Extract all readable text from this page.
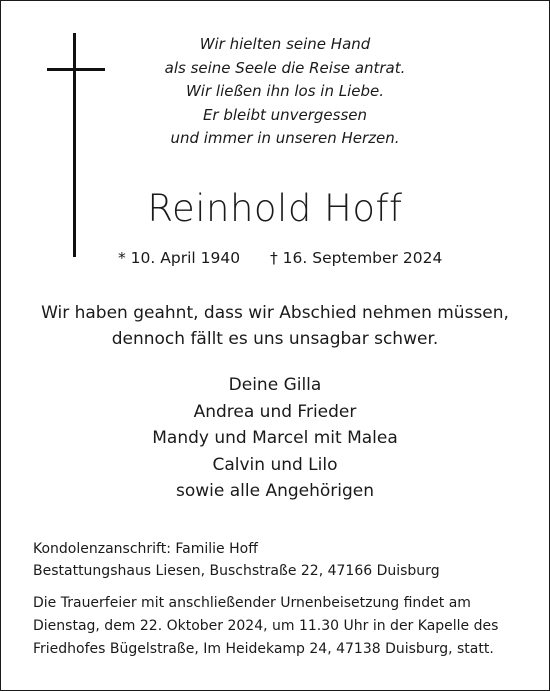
Wir hielten seine Hand
als seine Seele die Reise antrat.
Wir ließen ihn los in Liebe.
Er bleibt unvergessen
und immer in unseren Herzen.
Reinhold Hoff
* 10. April 1940 † 16. September 2024
Wir haben geahnt, dass wir Abschied nehmen müssen,
dennoch fällt es uns unsagbar schwer.
Deine Gilla
Andrea und Frieder
Mandy und Marcel mit Malea
Calvin und Lilo
sowie alle Angehörigen
Kondolenzanschrift: Familie Hoff
Bestattungshaus Liesen, Buschstraße 22, 47166 Duisburg
Die Trauerfeier mit anschließender Urnenbeisetzung findet am
Dienstag, dem 22. Oktober 2024, um 11.30 Uhr in der Kapelle des
Friedhofes Bügelstraße, Im Heidekamp 24, 47138 Duisburg, statt.
